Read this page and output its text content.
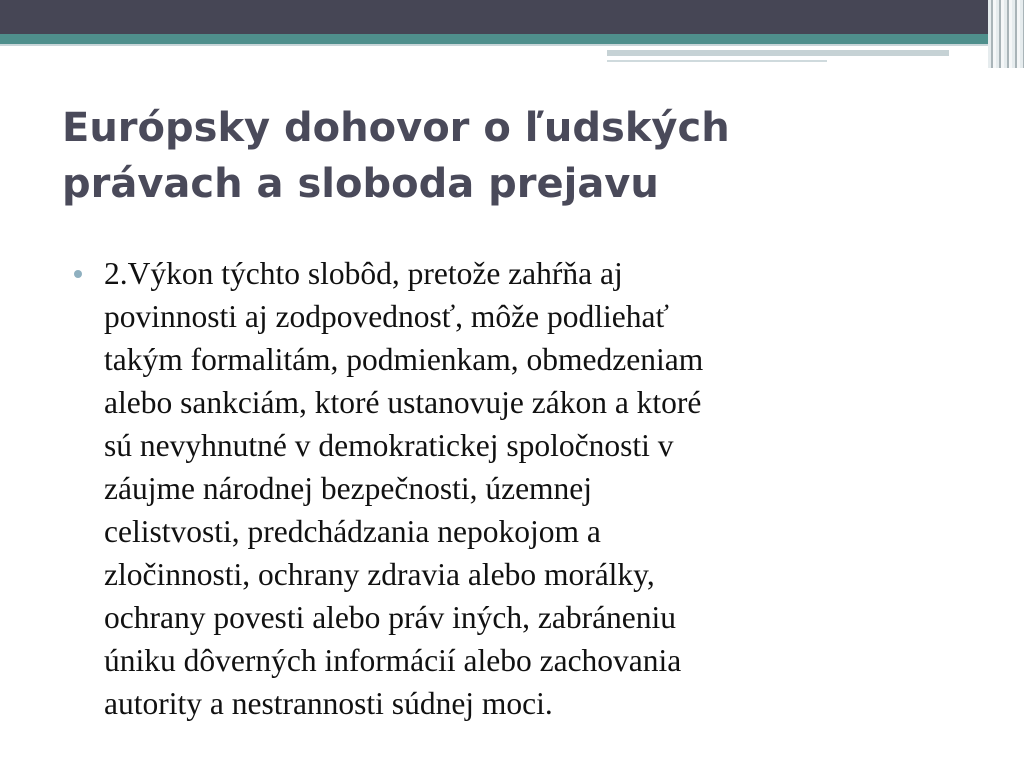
Európsky dohovor o ľudských
právach a sloboda prejavu
2.Výkon týchto slobôd, pretože zahŕňa aj
povinnosti aj zodpovednosť, môže podliehať
takým formalitám, podmienkam, obmedzeniam
alebo sankciám, ktoré ustanovuje zákon a ktoré
sú nevyhnutné v demokratickej spoločnosti v
záujme národnej bezpečnosti, územnej
celistvosti, predchádzania nepokojom a
zločinnosti, ochrany zdravia alebo morálky,
ochrany povesti alebo práv iných, zabráneniu
úniku dôverných informácií alebo zachovania
autority a nestrannosti súdnej moci.
